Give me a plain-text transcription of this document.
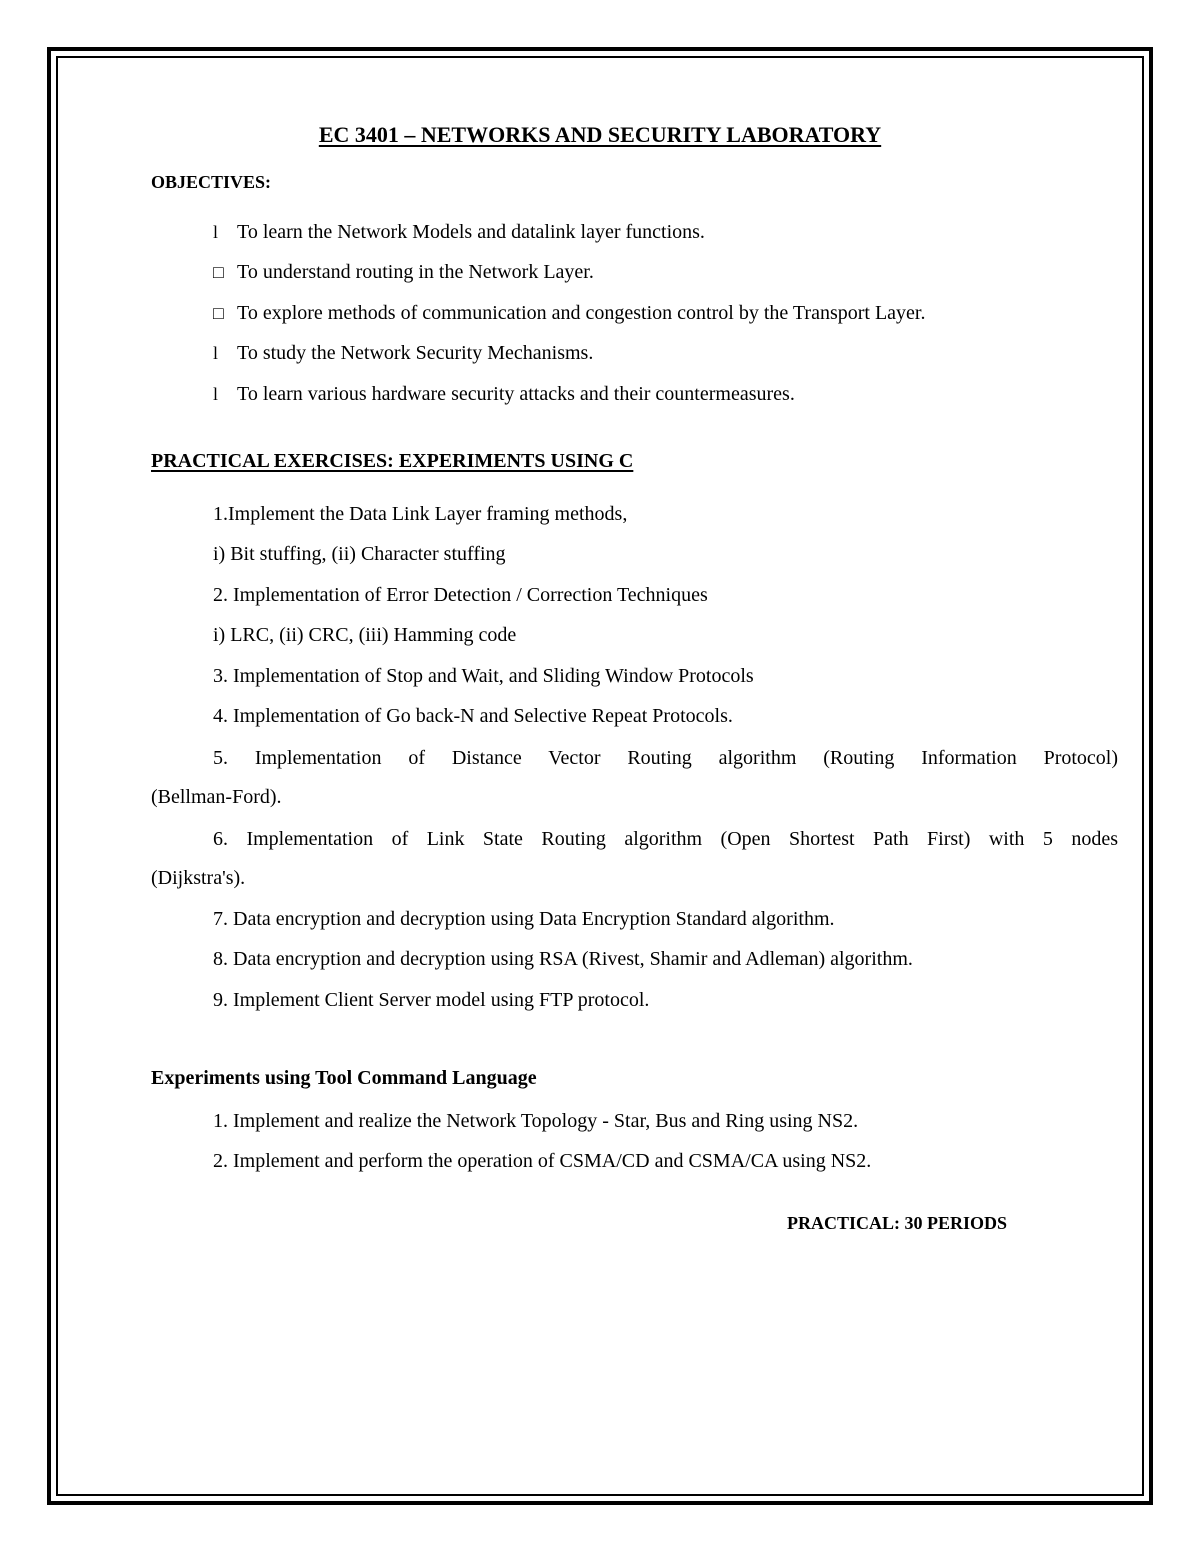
EC 3401 – NETWORKS AND SECURITY LABORATORY
OBJECTIVES:
l To learn the Network Models and datalink layer functions.
□ To understand routing in the Network Layer.
□ To explore methods of communication and congestion control by the Transport Layer.
l To study the Network Security Mechanisms.
l To learn various hardware security attacks and their countermeasures.
PRACTICAL EXERCISES: EXPERIMENTS USING C
1.Implement the Data Link Layer framing methods,
i) Bit stuffing, (ii) Character stuffing
2. Implementation of Error Detection / Correction Techniques
i) LRC, (ii) CRC, (iii) Hamming code
3. Implementation of Stop and Wait, and Sliding Window Protocols
4. Implementation of Go back-N and Selective Repeat Protocols.
5. Implementation of Distance Vector Routing algorithm (Routing Information Protocol)
(Bellman-Ford).
6. Implementation of Link State Routing algorithm (Open Shortest Path First) with 5 nodes
(Dijkstra's).
7. Data encryption and decryption using Data Encryption Standard algorithm.
8. Data encryption and decryption using RSA (Rivest, Shamir and Adleman) algorithm.
9. Implement Client Server model using FTP protocol.
Experiments using Tool Command Language
1. Implement and realize the Network Topology - Star, Bus and Ring using NS2.
2. Implement and perform the operation of CSMA/CD and CSMA/CA using NS2.
PRACTICAL: 30 PERIODS
